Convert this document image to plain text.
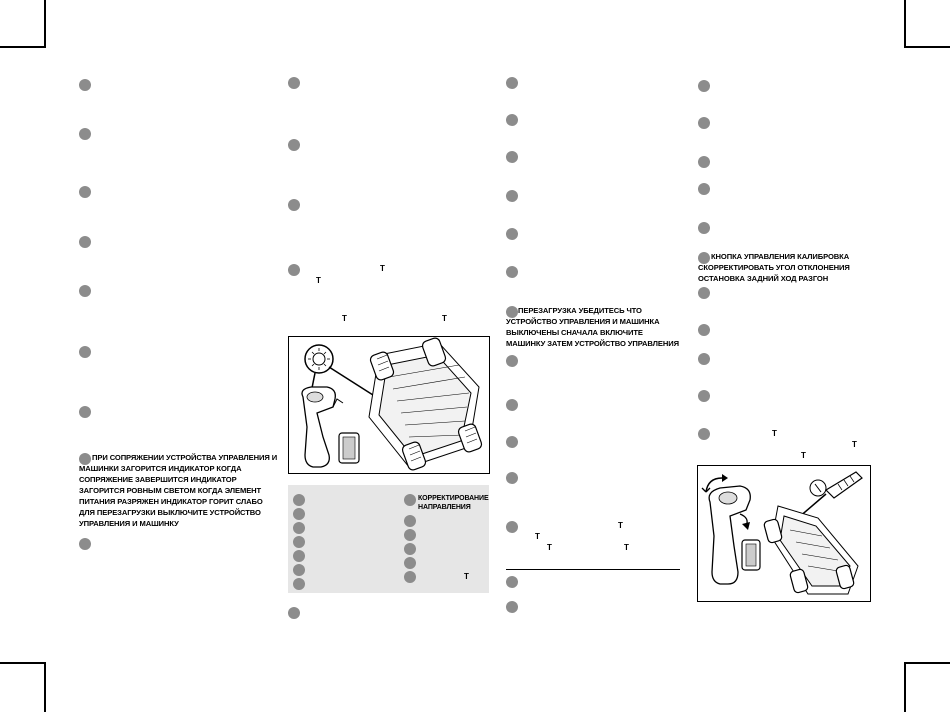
ПРИ СОПРЯЖЕНИИ УСТРОЙСТВА УПРАВЛЕНИЯ И
МАШИНКИ ЗАГОРИТСЯ ИНДИКАТОР КОГДА
СОПРЯЖЕНИЕ ЗАВЕРШИТСЯ ИНДИКАТОР
ЗАГОРИТСЯ РОВНЫМ СВЕТОМ КОГДА ЭЛЕМЕНТ
ПИТАНИЯ РАЗРЯЖЕН ИНДИКАТОР ГОРИТ СЛАБО
ДЛЯ ПЕРЕЗАГРУЗКИ ВЫКЛЮЧИТЕ УСТРОЙСТВО
УПРАВЛЕНИЯ И МАШИНКУ
T
T
T	T
КОРРЕКТИРОВАНИЕ
НАПРАВЛЕНИЯ
T
ПЕРЕЗАГРУЗКА УБЕДИТЕСЬ ЧТО
УСТРОЙСТВО УПРАВЛЕНИЯ И МАШИНКА
ВЫКЛЮЧЕНЫ СНАЧАЛА ВКЛЮЧИТЕ
МАШИНКУ ЗАТЕМ УСТРОЙСТВО УПРАВЛЕНИЯ
T
T
T	T
КНОПКА УПРАВЛЕНИЯ КАЛИБРОВКА
СКОРРЕКТИРОВАТЬ УГОЛ ОТКЛОНЕНИЯ
ОСТАНОВКА ЗАДНИЙ ХОД РАЗГОН
T
T
T
